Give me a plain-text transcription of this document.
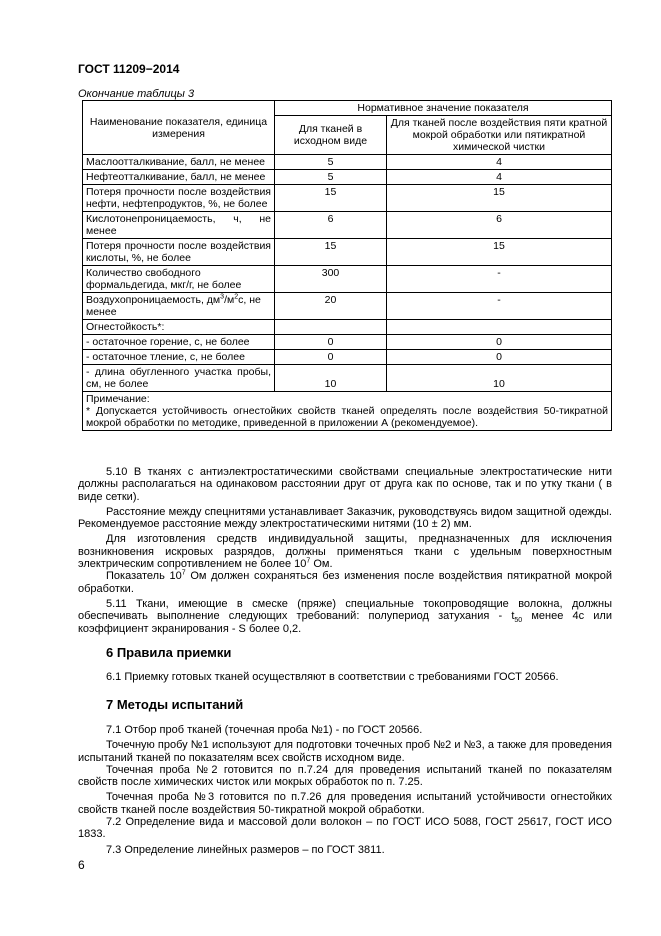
ГОСТ 11209−2014
Окончание таблицы 3
Наименование показателя, единица измерения	Нормативное значение показателя	
	Для тканей в исходном виде	Для тканей после воздействия пяти кратной мокрой обработки или пятикратной химической чистки
Маслоотталкивание, балл, не менее	5	4
Нефтеотталкивание, балл, не менее	5	4
Потеря прочности после воздействия нефти, нефтепродуктов, %, не более	15	15
Кислотонепроницаемость, ч, не менее	6	6
Потеря прочности после воздействия кислоты, %, не более	15	15
Количество свободного формальдегида, мкг/г, не более	300	-
Воздухопроницаемость, $дм^3/м^2с$, не менее	20	-
Огнестойкость*:		
- остаточное горение, с, не более	0	0
- остаточное тление, с, не более	0	0
- длина обугленного участка пробы, см, не более	10	10

Примечание:
* Допускается устойчивость огнестойких свойств тканей определять после воздействия 50-тикратной мокрой обработки по методике, приведенной в приложении А (рекомендуемое).		

5.10 В тканях с антиэлектростатическими свойствами специальные электростатические нити должны располагаться на одинаковом расстоянии друг от друга как по основе, так и по утку ткани ( в виде сетки).

Расстояние между спецнитями устанавливает Заказчик, руководствуясь видом защитной одежды. Рекомендуемое расстояние между электростатическими нитями (10 ± 2) мм.

Для изготовления средств индивидуальной защиты, предназначенных для исключения возникновения искровых разрядов, должны применяться ткани с удельным поверхностным электрическим сопротивлением не более $10^7$ Ом.

Показатель $10^7$ Ом должен сохраняться без изменения после воздействия пятикратной мокрой обработки.

5.11 Ткани, имеющие в смеске (пряже) специальные токопроводящие волокна, должны обеспечивать выполнение следующих требований: полупериод затухания - $t_{50}$ менее 4с или коэффициент экранирования - S более 0,2.

6 Правила приемки

6.1 Приемку готовых тканей осуществляют в соответствии с требованиями ГОСТ 20566.

7 Методы испытаний

7.1 Отбор проб тканей (точечная проба №1) - по ГОСТ 20566.

Точечную пробу №1 используют для подготовки точечных проб №2 и №3, а также для проведения испытаний тканей по показателям всех свойств исходном виде.

Точечная проба №2 готовится по п.7.24 для проведения испытаний тканей по показателям свойств после химических чисток или мокрых обработок по п. 7.25.

Точечная проба №3 готовится по п.7.26 для проведения испытаний устойчивости огнестойких свойств тканей после воздействия 50-тикратной мокрой обработки.

7.2 Определение вида и массовой доли волокон – по ГОСТ ИСО 5088, ГОСТ 25617, ГОСТ ИСО 1833.

7.3 Определение линейных размеров – по ГОСТ 3811.

6
